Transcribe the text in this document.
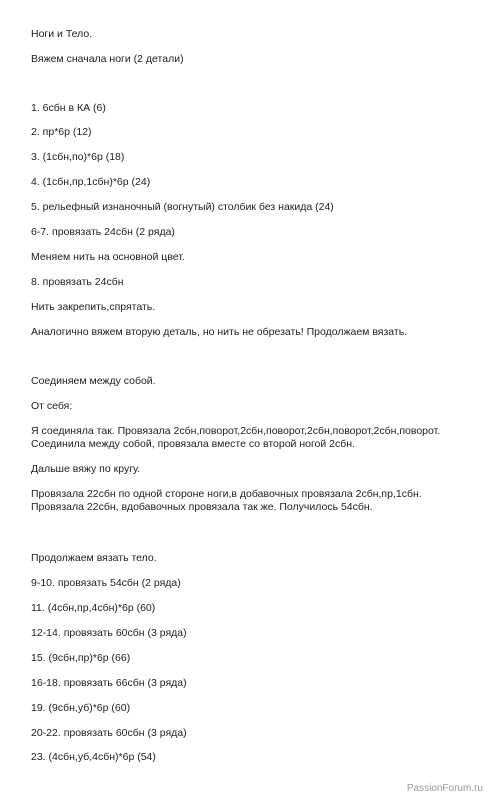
Ноги и Тело.
Вяжем сначала ноги (2 детали)
1. 6сбн в КА (6)
2. пр*6р (12)
3. (1сбн,по)*6р (18)
4. (1сбн,пр,1сбн)*6р (24)
5. рельефный изнаночный (вогнутый) столбик без накида (24)
6-7. провязать 24сбн (2 ряда)
Меняем нить на основной цвет.
8. провязать 24сбн
Нить закрепить,спрятать.
Аналогично вяжем вторую деталь, но нить не обрезать! Продолжаем вязать.
Соединяем между собой.
От себя:
Я соединяла так. Провязала 2сбн,поворот,2сбн,поворот,2сбн,поворот,2сбн,поворот. Соединила между собой, провязала вместе со второй ногой 2сбн.
Дальше вяжу по кругу.
Провязала 22сбн по одной стороне ноги,в добавочных провязала 2сбн,пр,1сбн. Провязала 22сбн, вдобавочных провязала так же. Получилось 54сбн.
Продолжаем вязать тело.
9-10. провязать 54сбн (2 ряда)
11. (4сбн,пр,4сбн)*6р (60)
12-14. провязать 60сбн (3 ряда)
15. (9сбн,пр)*6р (66)
16-18. провязать 66сбн (3 ряда)
19. (9сбн,уб)*6р (60)
20-22. провязать 60сбн (3 ряда)
23. (4сбн,уб,4сбн)*6р (54)
PassionForum.ru
